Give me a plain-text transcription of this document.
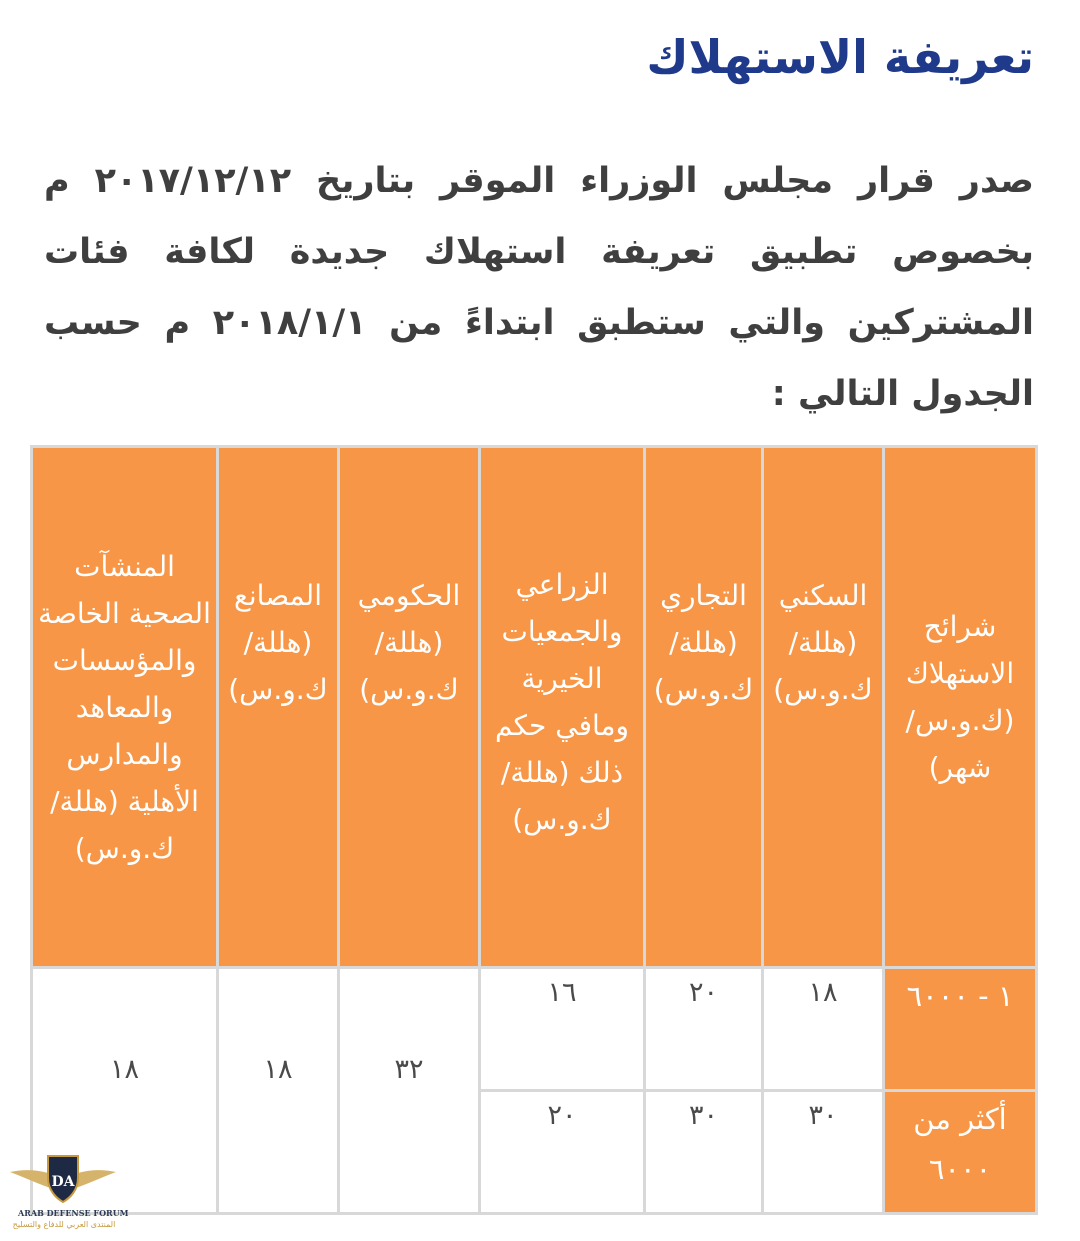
تعريفة الاستهلاك

صدر قرار مجلس الوزراء الموقر بتاريخ ٢٠١٧/١٢/١٢ م بخصوص تطبيق تعريفة استهلاك جديدة لكافة فئات المشتركين والتي ستطبق ابتداءً من ٢٠١٨/١/١ م حسب الجدول التالي :

شرائح الاستهلاك (ك.و.س/ شهر)	السكني (هللة/ ك.و.س)	التجاري (هللة/ ك.و.س)	الزراعي والجمعيات الخيرية ومافي حكم ذلك (هللة/ ك.و.س)	الحكومي (هللة/ ك.و.س)	المصانع (هللة/ ك.و.س)	المنشآت الصحية الخاصة والمؤسسات والمعاهد والمدارس الأهلية (هللة/ ك.و.س)
١ - ٦٠٠٠	١٨	٢٠	١٦	٣٢	١٨	١٨
أكثر من ٦٠٠٠	٣٠	٣٠	٢٠			
DA
ARAB DEFENSE FORUM
المنتدى العربي للدفاع والتسليح
